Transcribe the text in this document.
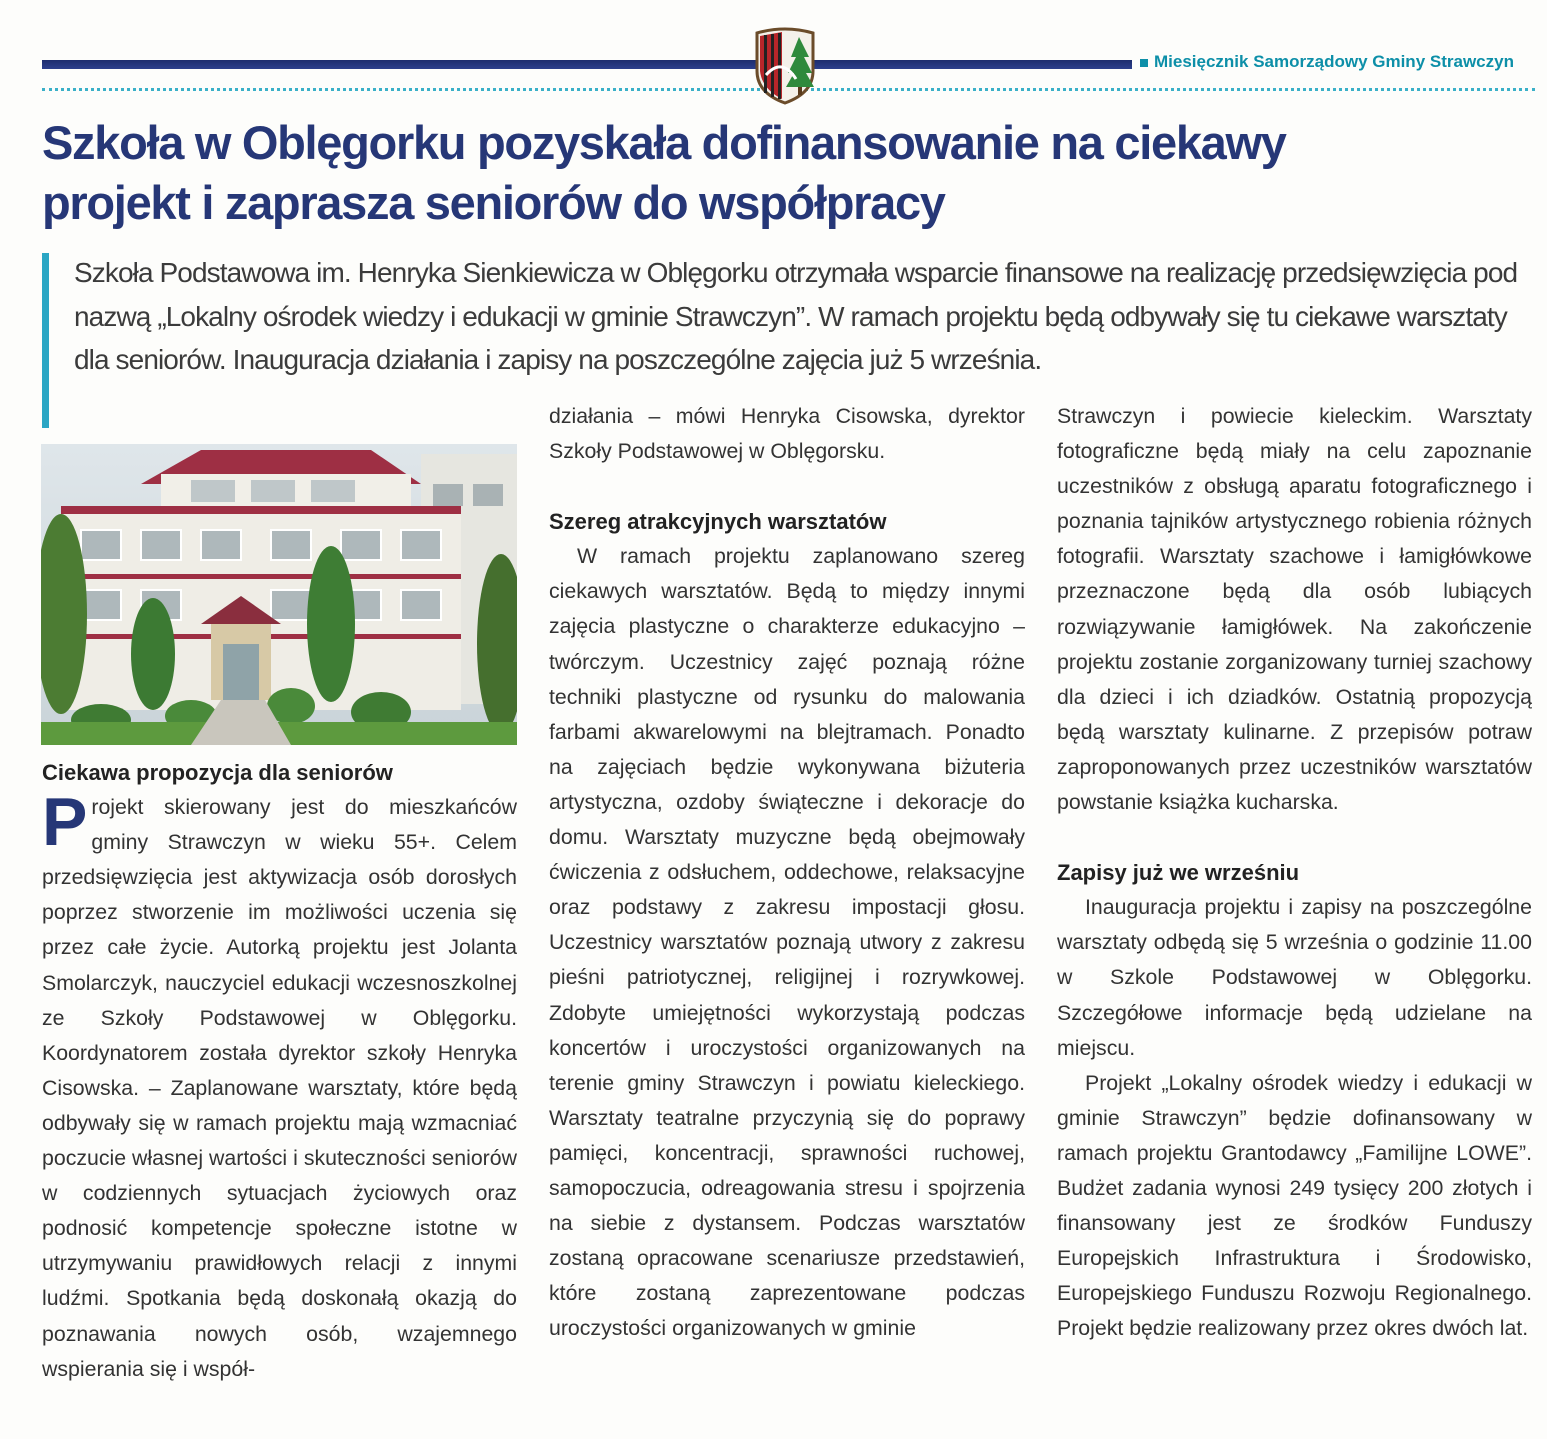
Miesięcznik Samorządowy Gminy Strawczyn
Szkoła w Oblęgorku pozyskała dofinansowanie na ciekawy
projekt i zaprasza seniorów do współpracy

Szkoła Podstawowa im. Henryka Sienkiewicza w Oblęgorku otrzymała wsparcie finansowe na realizację przedsięwzięcia pod nazwą „Lokalny ośrodek wiedzy i edukacji w gminie Strawczyn”. W ramach projektu będą odbywały się tu ciekawe warsztaty dla seniorów. Inauguracja działania i zapisy na poszczególne zajęcia już 5 września.

Ciekawa propozycja dla seniorów

Projekt skierowany jest do mieszkańców gminy Strawczyn w wieku 55+. Celem przedsięwzięcia jest aktywizacja osób dorosłych poprzez stworzenie im możliwości uczenia się przez całe życie. Autorką projektu jest Jolanta Smolarczyk, nauczyciel edukacji wczesnoszkolnej ze Szkoły Podstawowej w Oblęgorku. Koordynatorem została dyrektor szkoły Henryka Cisowska. – Zaplanowane warsztaty, które będą odbywały się w ramach projektu mają wzmacniać poczucie własnej wartości i skuteczności seniorów w codziennych sytuacjach życiowych oraz podnosić kompetencje społeczne istotne w utrzymywaniu prawidłowych relacji z innymi ludźmi. Spotkania będą doskonałą okazją do poznawania nowych osób, wzajemnego wspierania się i współ-

działania – mówi Henryka Cisowska, dyrektor Szkoły Podstawowej w Oblęgorsku.

Szereg atrakcyjnych warsztatów

W ramach projektu zaplanowano szereg ciekawych warsztatów. Będą to między innymi zajęcia plastyczne o charakterze edukacyjno – twórczym. Uczestnicy zajęć poznają różne techniki plastyczne od rysunku do malowania farbami akwarelowymi na blejtramach. Ponadto na zajęciach będzie wykonywana biżuteria artystyczna, ozdoby świąteczne i dekoracje do domu. Warsztaty muzyczne będą obejmowały ćwiczenia z odsłuchem, oddechowe, relaksacyjne oraz podstawy z zakresu impostacji głosu. Uczestnicy warsztatów poznają utwory z zakresu pieśni patriotycznej, religijnej i rozrywkowej. Zdobyte umiejętności wykorzystają podczas koncertów i uroczystości organizowanych na terenie gminy Strawczyn i powiatu kieleckiego. Warsztaty teatralne przyczynią się do poprawy pamięci, koncentracji, sprawności ruchowej, samopoczucia, odreagowania stresu i spojrzenia na siebie z dystansem. Podczas warsztatów zostaną opracowane scenariusze przedstawień, które zostaną zaprezentowane podczas uroczystości organizowanych w gminie

Strawczyn i powiecie kieleckim. Warsztaty fotograficzne będą miały na celu zapoznanie uczestników z obsługą aparatu fotograficznego i poznania tajników artystycznego robienia różnych fotografii. Warsztaty szachowe i łamigłówkowe przeznaczone będą dla osób lubiących rozwiązywanie łamigłówek. Na zakończenie projektu zostanie zorganizowany turniej szachowy dla dzieci i ich dziadków. Ostatnią propozycją będą warsztaty kulinarne. Z przepisów potraw zaproponowanych przez uczestników warsztatów powstanie książka kucharska.

Zapisy już we wrześniu

Inauguracja projektu i zapisy na poszczególne warsztaty odbędą się 5 września o godzinie 11.00 w Szkole Podstawowej w Oblęgorku. Szczegółowe informacje będą udzielane na miejscu.

Projekt „Lokalny ośrodek wiedzy i edukacji w gminie Strawczyn” będzie dofinansowany w ramach projektu Grantodawcy „Familijne LOWE”. Budżet zadania wynosi 249 tysięcy 200 złotych i finansowany jest ze środków Funduszy Europejskich Infrastruktura i Środowisko, Europejskiego Funduszu Rozwoju Regionalnego. Projekt będzie realizowany przez okres dwóch lat.
